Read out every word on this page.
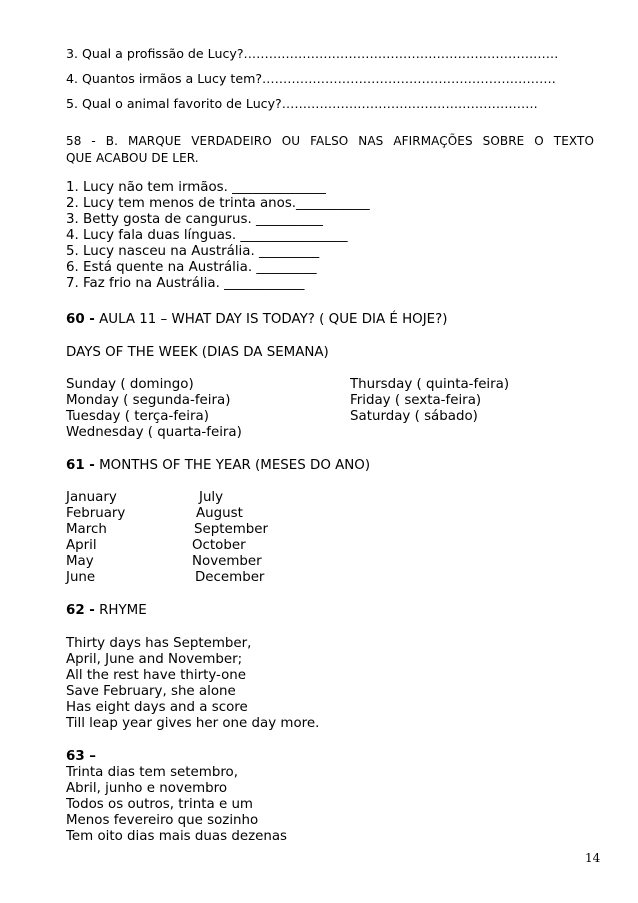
3. Qual a profissão de Lucy?…………………………………………………………………
4. Quantos irmãos a Lucy tem?…………………………………………………………….
5. Qual o animal favorito de Lucy?…………………………………………………….
58 - B. MARQUE VERDADEIRO OU FALSO NAS AFIRMAÇÕES SOBRE O TEXTO
QUE ACABOU DE LER.
1. Lucy não tem irmãos. ______________
2. Lucy tem menos de trinta anos.___________
3. Betty gosta de cangurus. __________
4. Lucy fala duas línguas. ________________
5. Lucy nasceu na Austrália. _________
6. Está quente na Austrália. _________
7. Faz frio na Austrália. ____________
60 - AULA 11 – WHAT DAY IS TODAY? ( QUE DIA É HOJE?)
DAYS OF THE WEEK (DIAS DA SEMANA)
Sunday ( domingo)
Monday ( segunda-feira)
Tuesday ( terça-feira)
Wednesday ( quarta-feira)
Thursday ( quinta-feira)
Friday ( sexta-feira)
Saturday ( sábado)
61 - MONTHS OF THE YEAR (MESES DO ANO)
January
February
March
April
May
June
July
August
September
October
November
December
62 - RHYME
Thirty days has September,
April, June and November;
All the rest have thirty-one
Save February, she alone
Has eight days and a score
Till leap year gives her one day more.
63 –
Trinta dias tem setembro,
Abril, junho e novembro
Todos os outros, trinta e um
Menos fevereiro que sozinho
Tem oito dias mais duas dezenas
14
